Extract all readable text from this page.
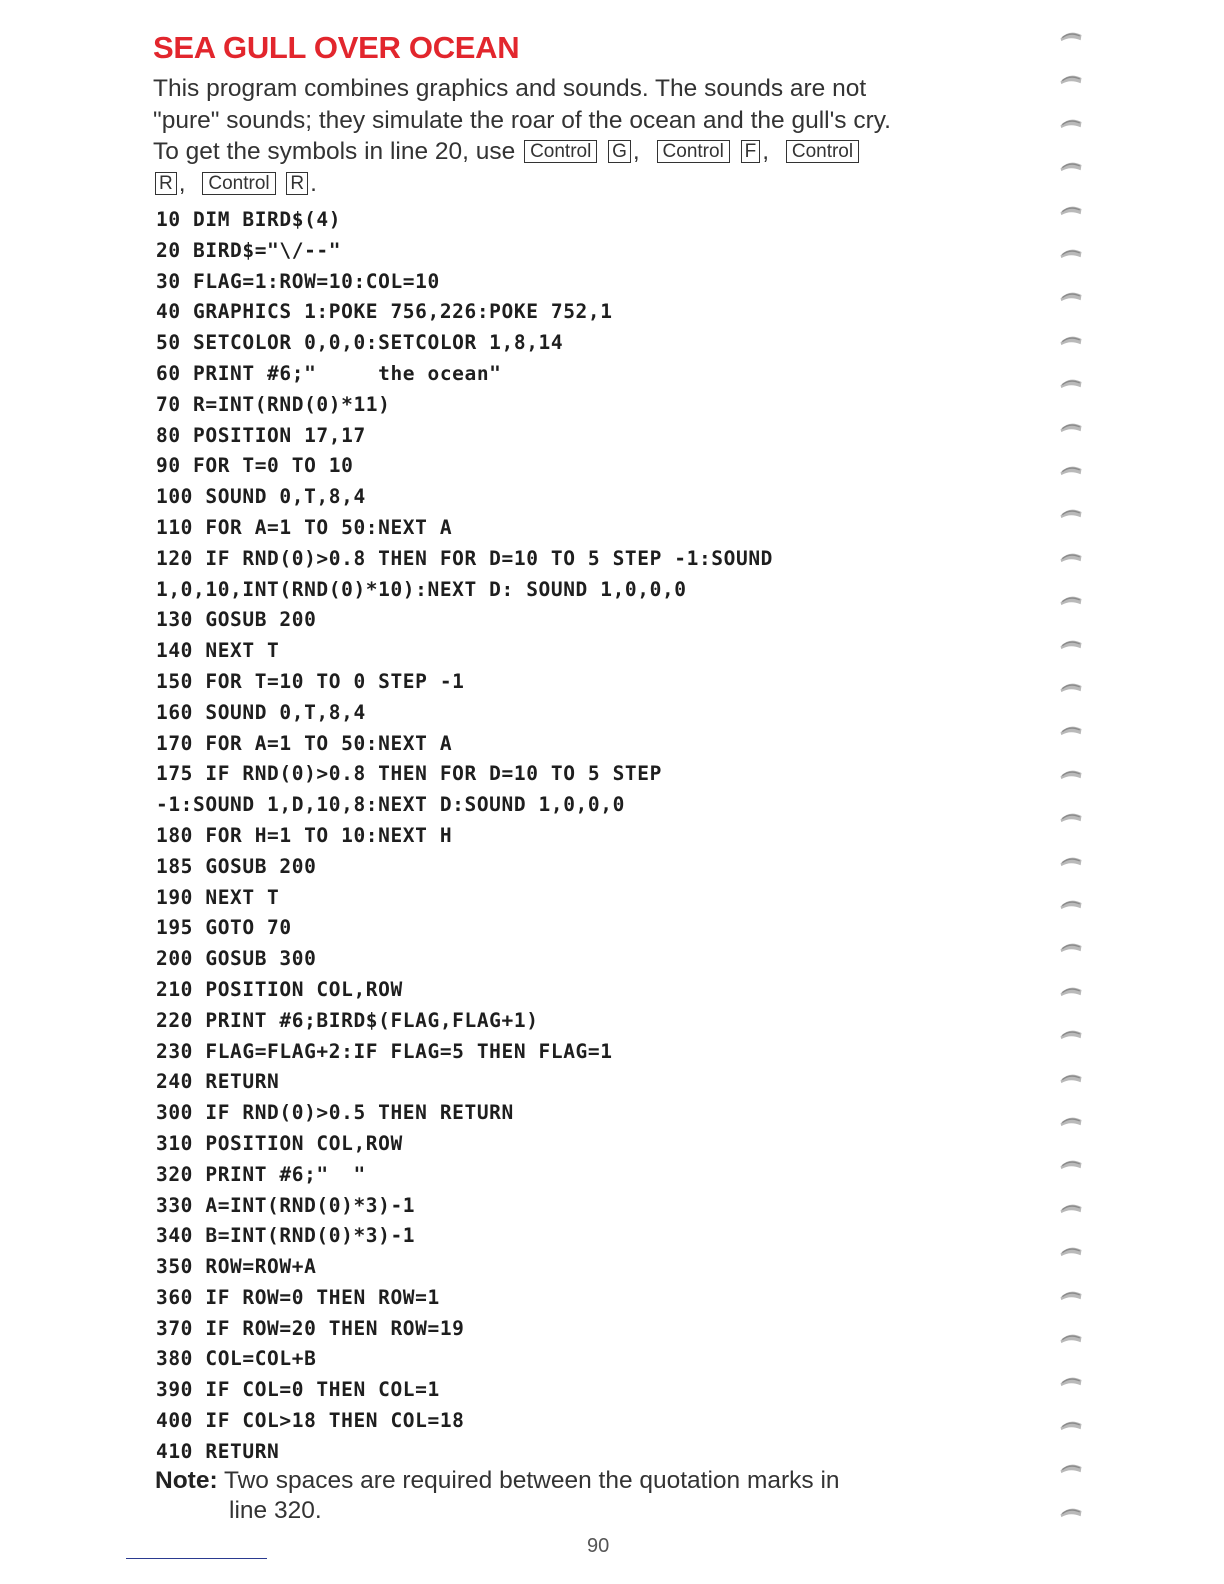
SEA GULL OVER OCEAN
This program combines graphics and sounds. The sounds are not
"pure" sounds; they simulate the roar of the ocean and the gull's cry.
To get the symbols in line 20, use Control G , Control F , Control
R , Control R .
10 DIM BIRD$(4)
20 BIRD$="\/--"
30 FLAG=1:ROW=10:COL=10
40 GRAPHICS 1:POKE 756,226:POKE 752,1
50 SETCOLOR 0,0,0:SETCOLOR 1,8,14
60 PRINT #6;"     the ocean"
70 R=INT(RND(0)*11)
80 POSITION 17,17
90 FOR T=0 TO 10
100 SOUND 0,T,8,4
110 FOR A=1 TO 50:NEXT A
120 IF RND(0)>0.8 THEN FOR D=10 TO 5 STEP -1:SOUND
1,0,10,INT(RND(0)*10):NEXT D: SOUND 1,0,0,0
130 GOSUB 200
140 NEXT T
150 FOR T=10 TO 0 STEP -1
160 SOUND 0,T,8,4
170 FOR A=1 TO 50:NEXT A
175 IF RND(0)>0.8 THEN FOR D=10 TO 5 STEP
-1:SOUND 1,D,10,8:NEXT D:SOUND 1,0,0,0
180 FOR H=1 TO 10:NEXT H
185 GOSUB 200
190 NEXT T
195 GOTO 70
200 GOSUB 300
210 POSITION COL,ROW
220 PRINT #6;BIRD$(FLAG,FLAG+1)
230 FLAG=FLAG+2:IF FLAG=5 THEN FLAG=1
240 RETURN
300 IF RND(0)>0.5 THEN RETURN
310 POSITION COL,ROW
320 PRINT #6;"  "
330 A=INT(RND(0)*3)-1
340 B=INT(RND(0)*3)-1
350 ROW=ROW+A
360 IF ROW=0 THEN ROW=1
370 IF ROW=20 THEN ROW=19
380 COL=COL+B
390 IF COL=0 THEN COL=1
400 IF COL>18 THEN COL=18
410 RETURN
Note: Two spaces are required between the quotation marks in
line 320.
90
